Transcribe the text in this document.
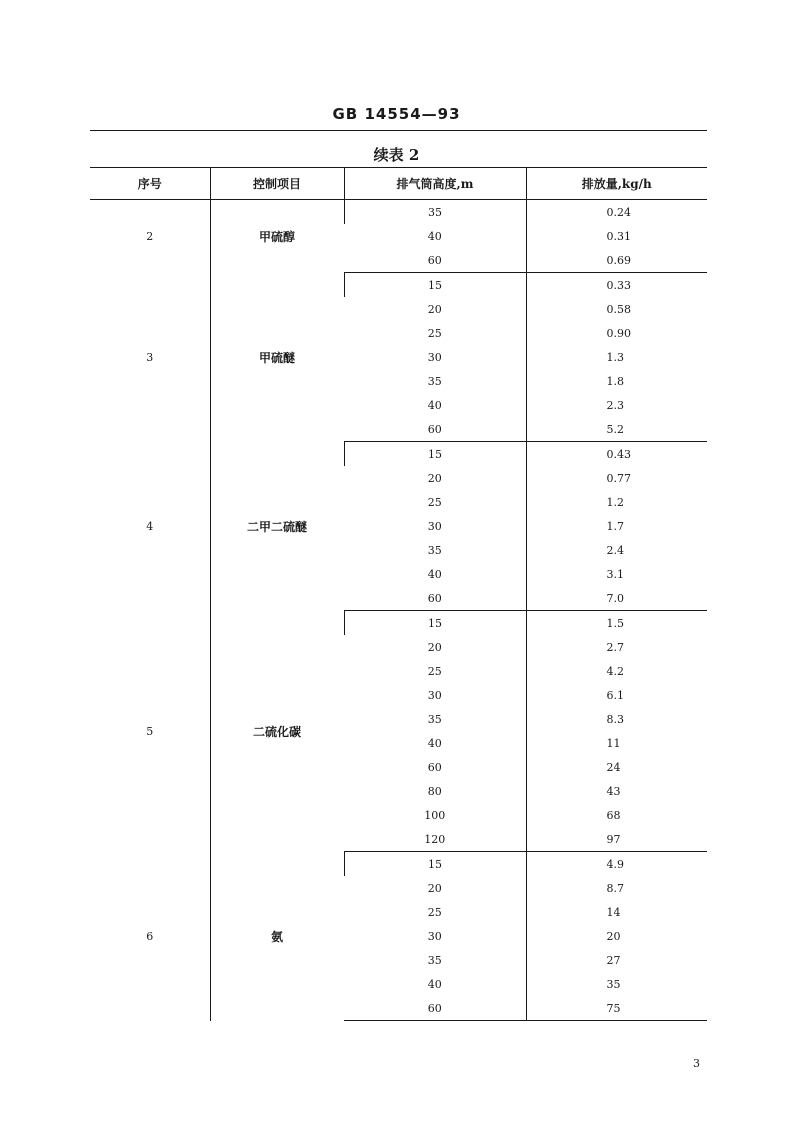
GB 14554—93
续表 2
序号	控制项目	排气筒高度,m	排放量,kg/h
2	甲硫醇	35	0.24
		40	0.31
		60	0.69
3	甲硫醚	15	0.33
		20	0.58
		25	0.90
		30	1.3
		35	1.8
		40	2.3
		60	5.2
4	二甲二硫醚	15	0.43
		20	0.77
		25	1.2
		30	1.7
		35	2.4
		40	3.1
		60	7.0
5	二硫化碳	15	1.5
		20	2.7
		25	4.2
		30	6.1
		35	8.3
		40	11
		60	24
		80	43
		100	68
		120	97
6	氨	15	4.9
		20	8.7
		25	14
		30	20
		35	27
		40	35
		60	75
3
